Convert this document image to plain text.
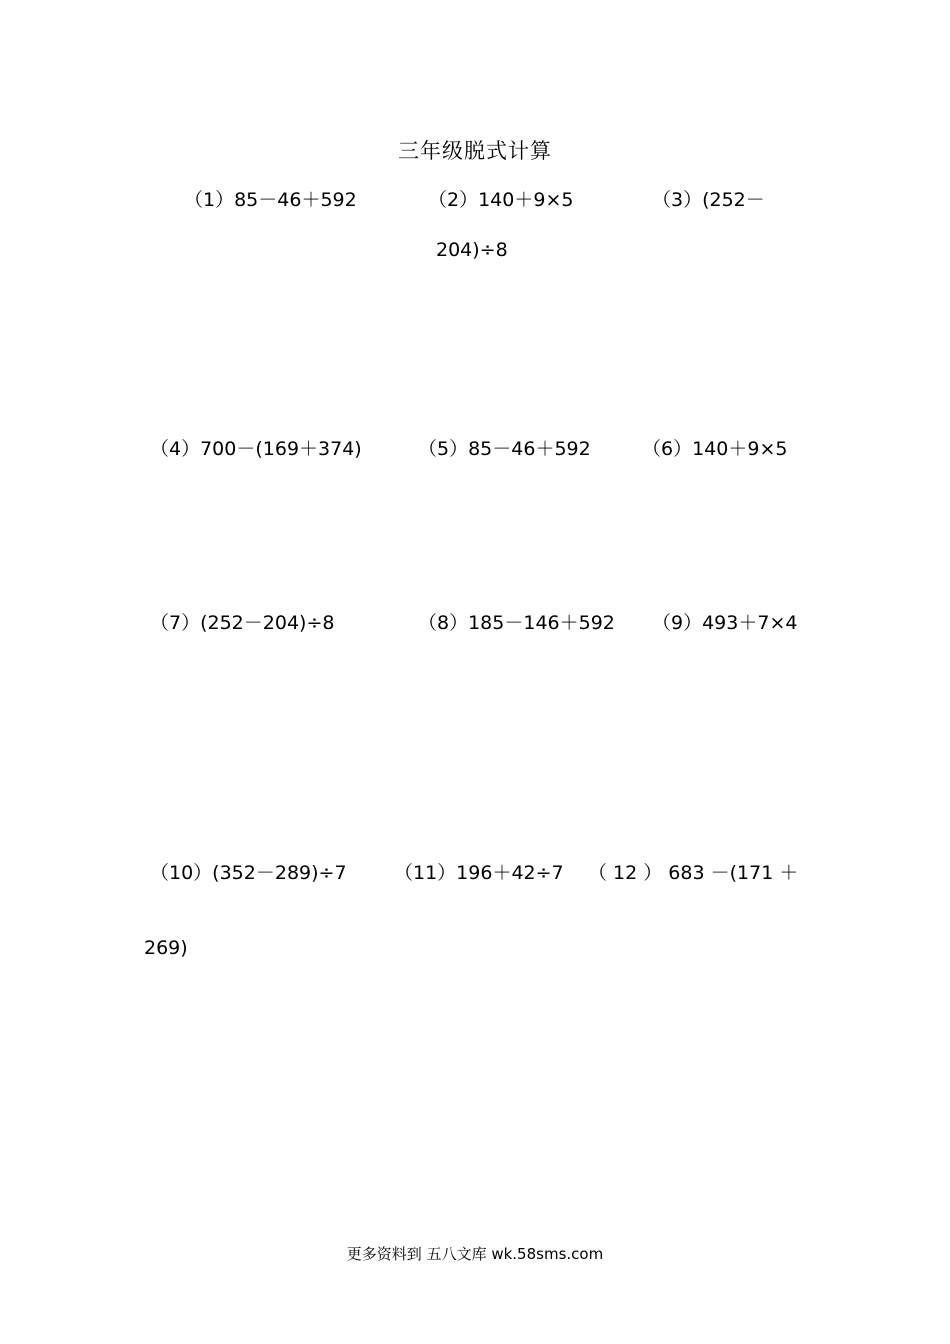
三年级脱式计算
（1）85－46＋592	（2）140＋9×5	（3）(252－
204)÷8
（4）700－(169＋374)	（5）85－46＋592	（6）140＋9×5
（7）(252－204)÷8	（8）185－146＋592 （9）493＋7×4
（10）(352－289)÷7 （11）196＋42÷7 （ 12 ） 683 －(171 ＋
269)
更多资料到 五八文库 wk.58sms.com
